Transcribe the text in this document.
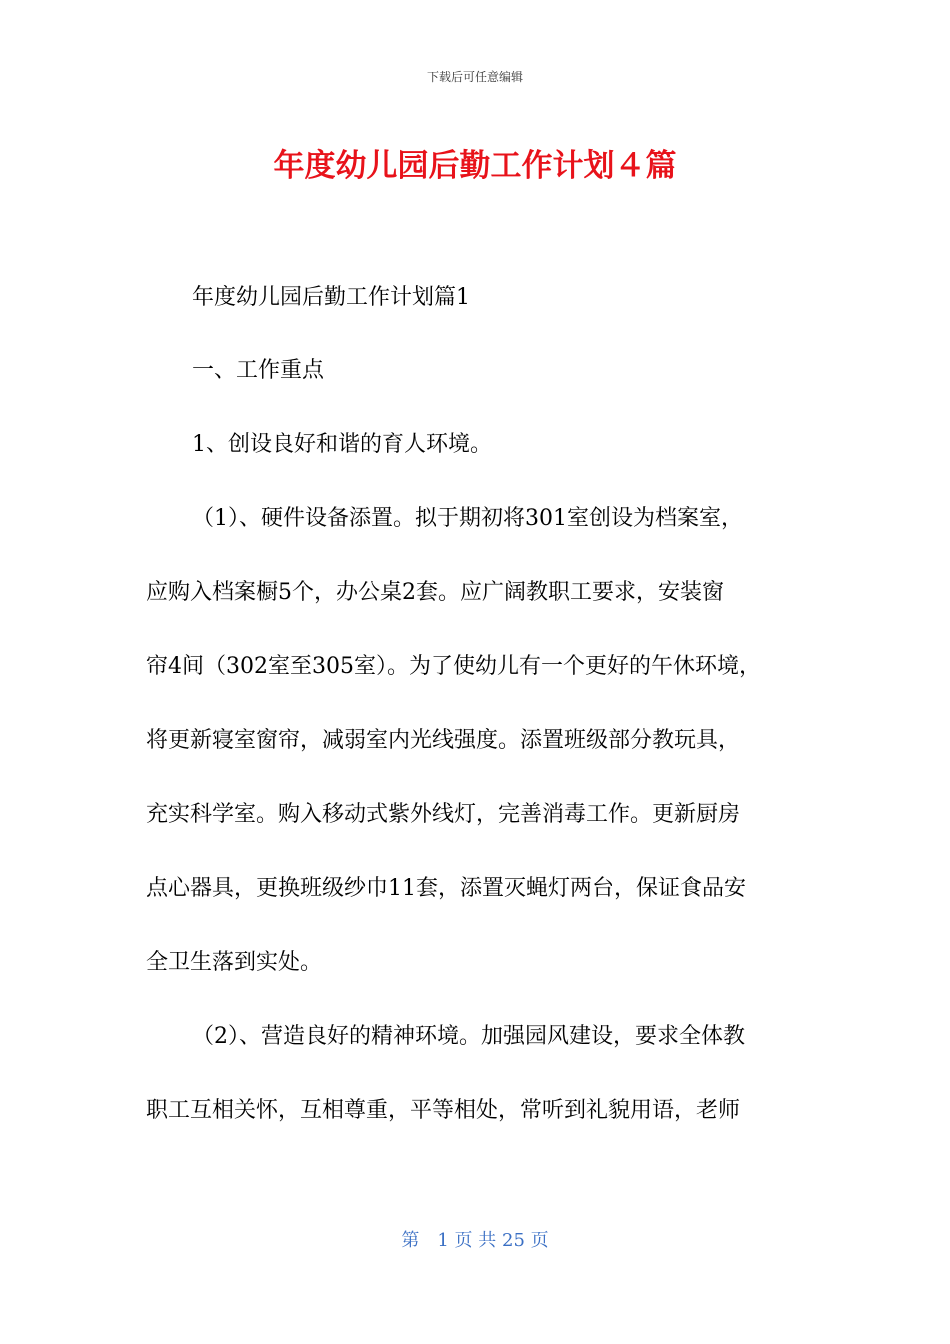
下载后可任意编辑
年度幼儿园后勤工作计划４篇
年度幼儿园后勤工作计划篇1
一、工作重点
1、创设良好和谐的育人环境。
（1）、硬件设备添置。拟于期初将301室创设为档案室，
应购入档案橱5个，办公桌2套。应广阔教职工要求，安装窗
帘4间（302室至305室）。为了使幼儿有一个更好的午休环境，
将更新寝室窗帘，减弱室内光线强度。添置班级部分教玩具，
充实科学室。购入移动式紫外线灯，完善消毒工作。更新厨房
点心器具，更换班级纱巾11套，添置灭蝇灯两台，保证食品安
全卫生落到实处。
（2）、营造良好的精神环境。加强园风建设，要求全体教
职工互相关怀，互相尊重，平等相处，常听到礼貌用语，老师
第　1 页 共 25 页
